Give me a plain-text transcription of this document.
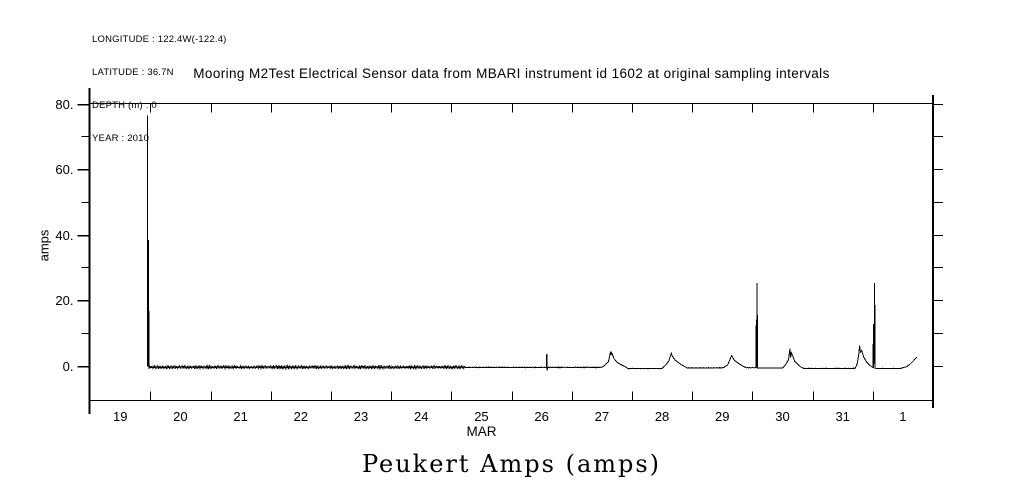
LONGITUDE : 122.4W(-122.4)

LATITUDE : 36.7N

DEPTH (m) : 0

YEAR : 2010

Mooring M2Test Electrical Sensor data from MBARI instrument id 1602 at original sampling intervals
amps
0.
20.
40.
60.
80.
19	20	21	22	23	24	25	26	27	28	29	30	31	1
MAR
Peukert Amps (amps)
